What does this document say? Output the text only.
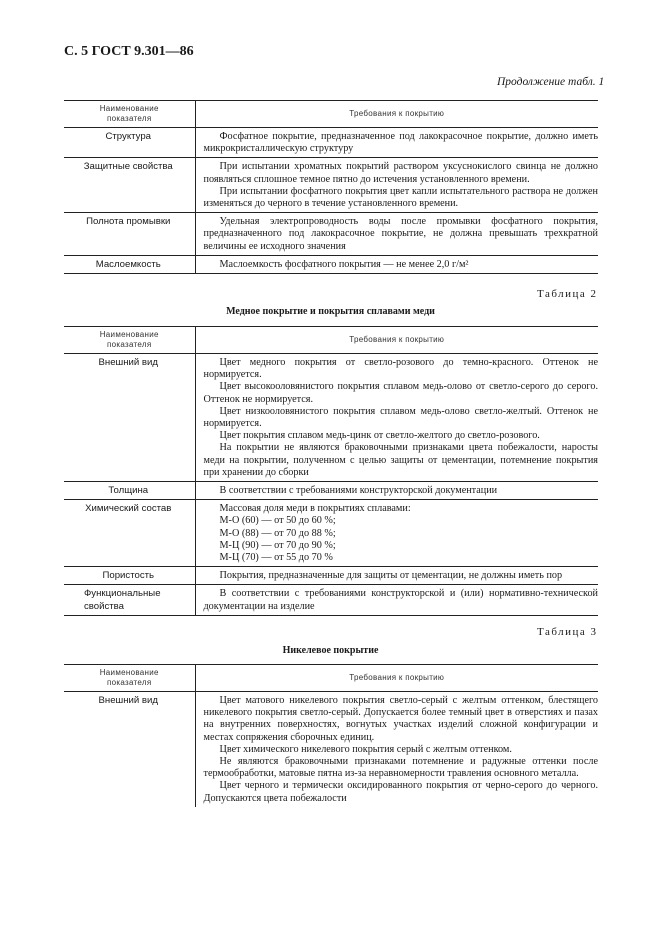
С. 5 ГОСТ 9.301—86
Продолжение табл. 1
Наименование
показателя	Требования к покрытию
Структура	Фосфатное покрытие, предназначенное под лакокрасочное покрытие, должно иметь микрокристаллическую структуру

Защитные свойства	При испытании хроматных покрытий раствором уксуснокислого свинца не должно появляться сплошное темное пятно до истечения установленного времени.

При испытании фосфатного покрытия цвет капли испытательного раствора не должен изменяться до черного в течение установленного времени.

Полнота промывки	Удельная электропроводность воды после промывки фосфатного покрытия, предназначенного под лакокрасочное покрытие, не должна превышать трехкратной величины ее исходного значения

Маслоемкость	Маслоемкость фосфатного покрытия — не менее 2,0 г/м²

Таблица 2
Медное покрытие и покрытия сплавами меди
Наименование
показателя	Требования к покрытию
Внешний вид	Цвет медного покрытия от светло-розового до темно-красного. Оттенок не нормируется.

Цвет высокооловянистого покрытия сплавом медь-олово от светло-серого до серого. Оттенок не нормируется.

Цвет низкооловянистого покрытия сплавом медь-олово светло-желтый. Оттенок не нормируется.

Цвет покрытия сплавом медь-цинк от светло-желтого до светло-розового.

На покрытии не являются браковочными признаками цвета побежалости, наросты меди на покрытии, полученном с целью защиты от цементации, потемнение покрытия при хранении до сборки

Толщина	В соответствии с требованиями конструкторской документации

Химический состав	Массовая доля меди в покрытиях сплавами:

М-О (60) — от 50 до 60 %;

М-О (88) — от 70 до 88 %;

М-Ц (90) — от 70 до 90 %;

М-Ц (70) — от 55 до 70 %

Пористость	Покрытия, предназначенные для защиты от цементации, не должны иметь пор

Функциональные свойства	В соответствии с требованиями конструкторской и (или) нормативно-технической документации на изделие

Таблица 3
Никелевое покрытие
Наименование
показателя	Требования к покрытию
Внешний вид	Цвет матового никелевого покрытия светло-серый с желтым оттенком, блестящего никелевого покрытия светло-серый. Допускается более темный цвет в отверстиях и пазах на внутренних поверхностях, вогнутых участках изделий сложной конфигурации и местах сопряжения сборочных единиц.

Цвет химического никелевого покрытия серый с желтым оттенком.

Не являются браковочными признаками потемнение и радужные оттенки после термообработки, матовые пятна из-за неравномерности травления основного металла.

Цвет черного и термически оксидированного покрытия от черно-серого до черного. Допускаются цвета побежалости
